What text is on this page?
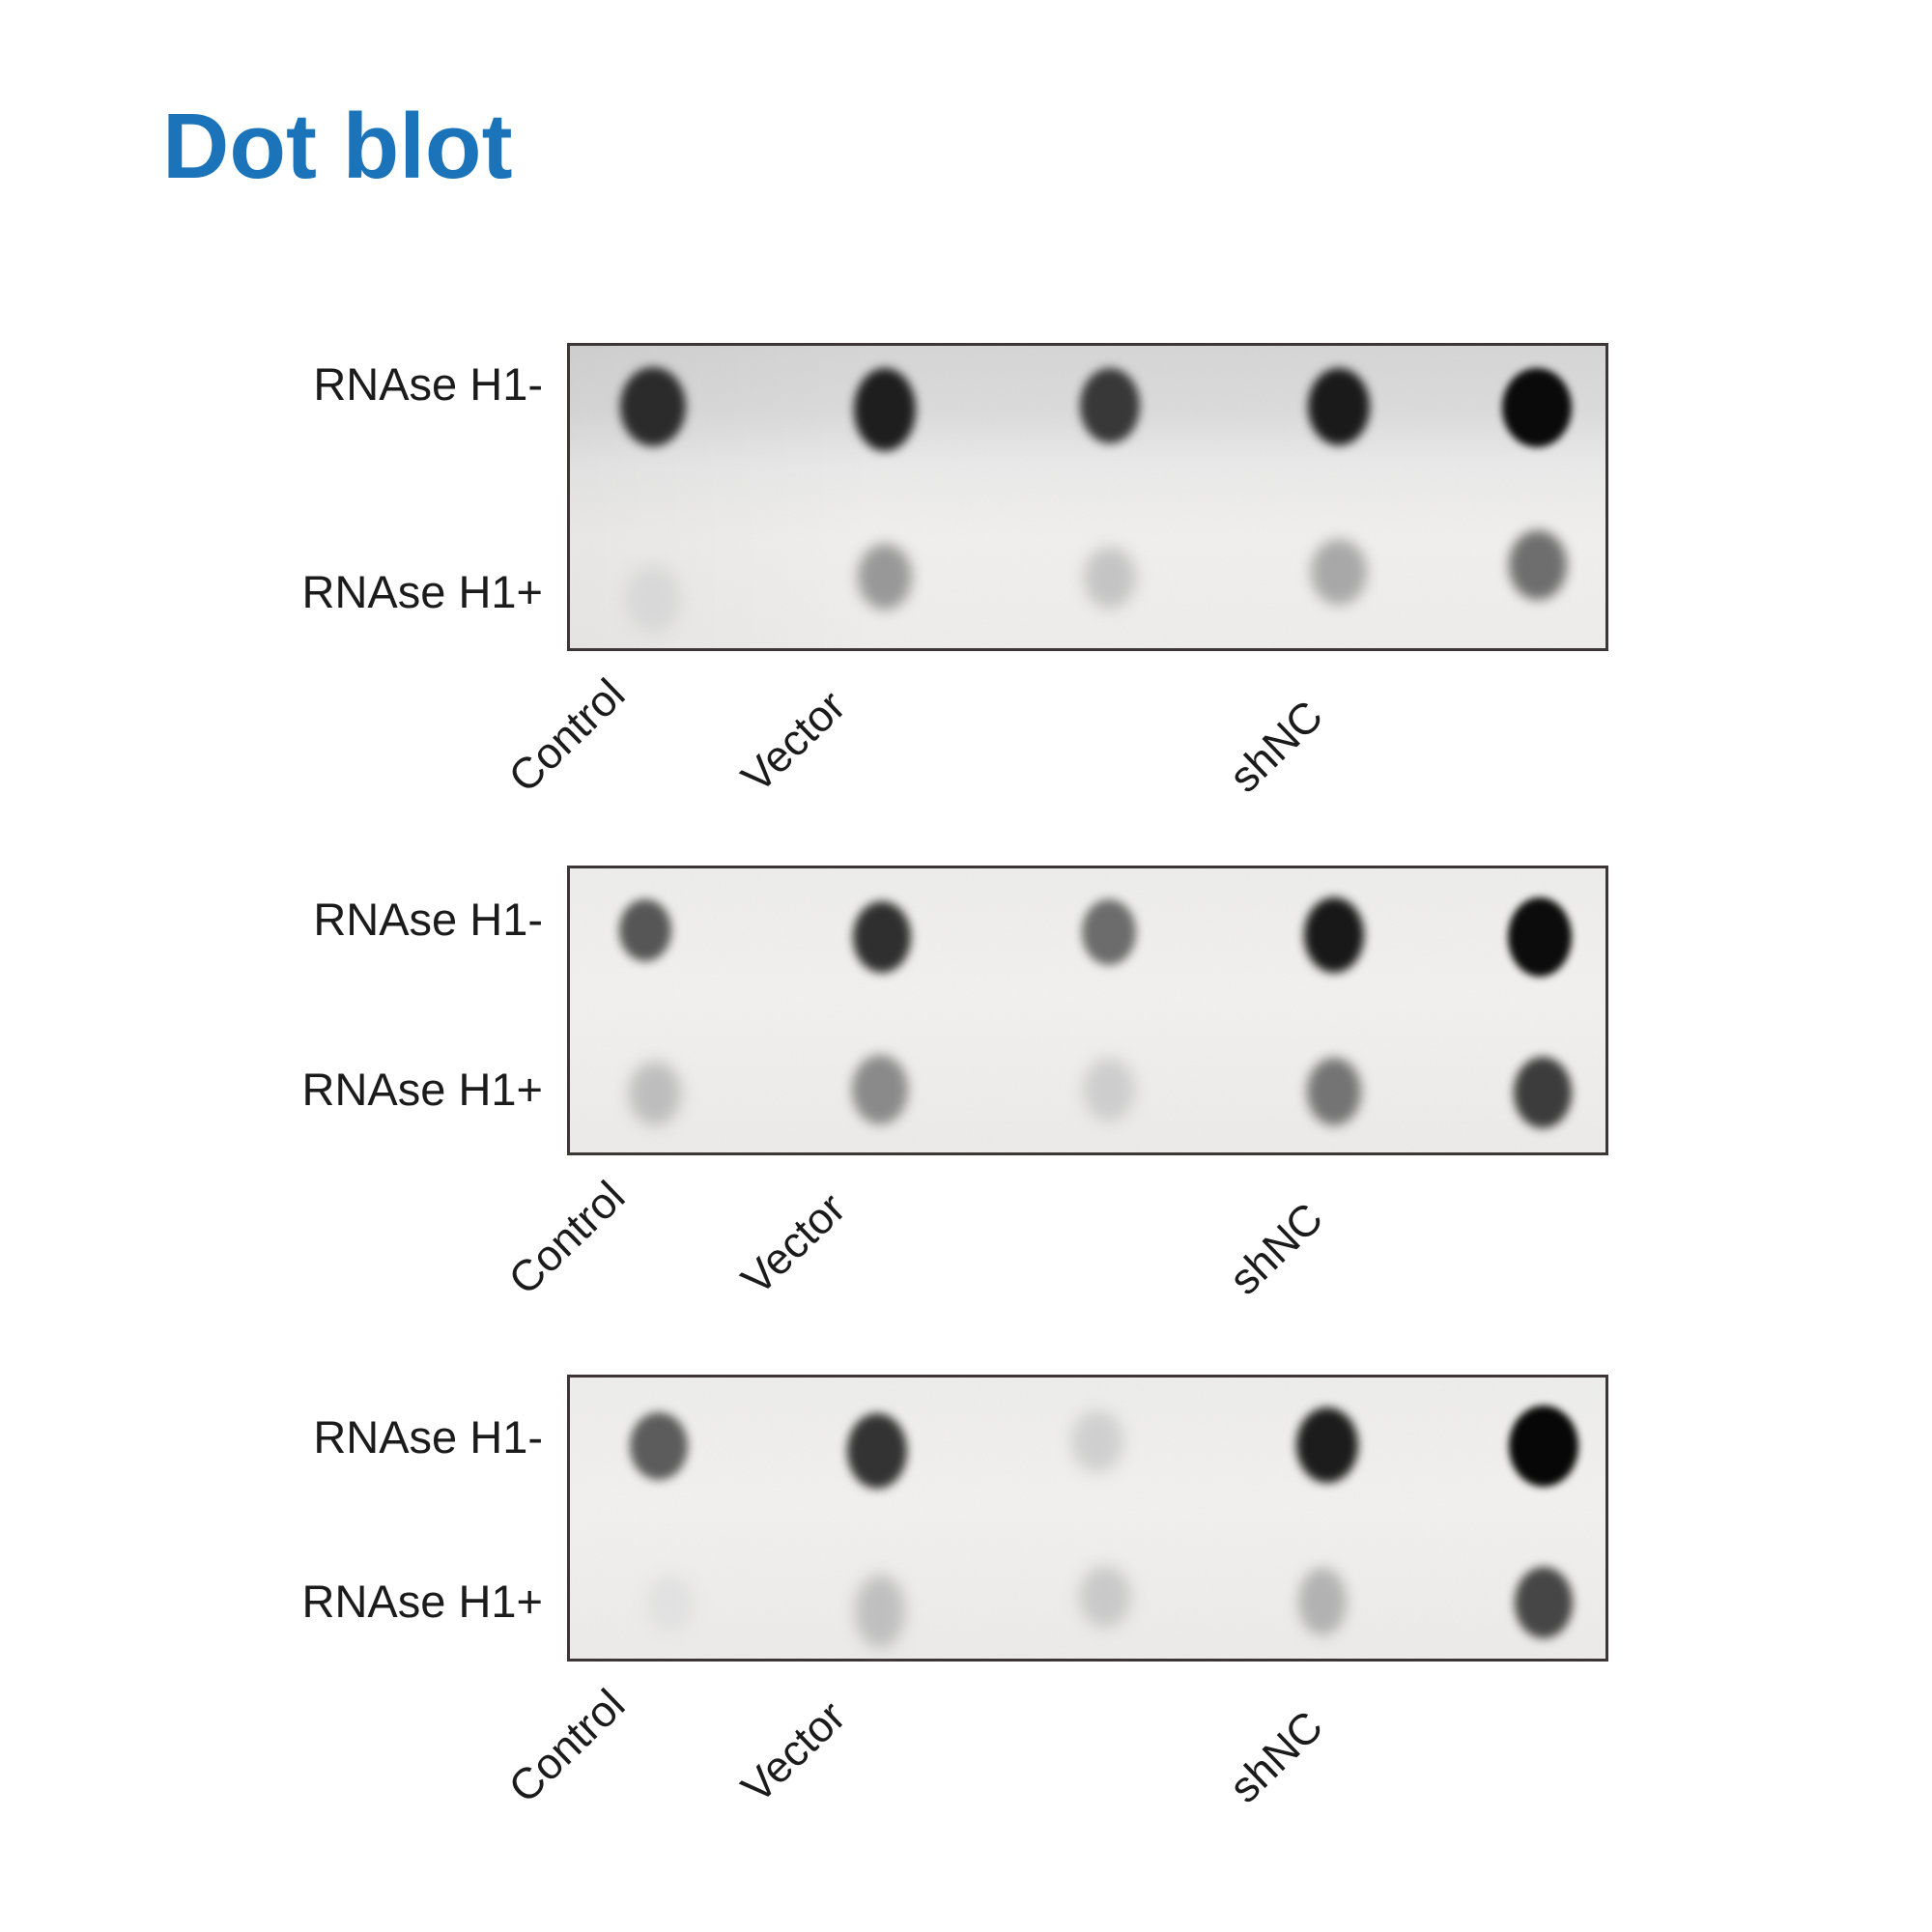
Dot blot
RNAse H1-
RNAse H1+
Control Vector	shNC
RNAse H1-
RNAse H1+
Control Vector	shNC
RNAse H1-
RNAse H1+
Control Vector	shNC
